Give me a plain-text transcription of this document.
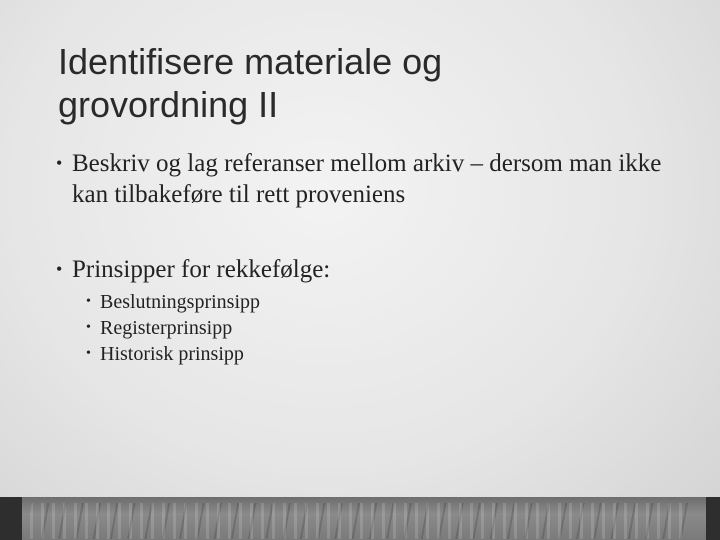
Identifisere materiale og
grovordning II
• Beskriv og lag referanser mellom arkiv – dersom man ikke kan tilbakeføre til rett proveniens
• Prinsipper for rekkefølge:
• Beslutningsprinsipp
• Registerprinsipp
• Historisk prinsipp
